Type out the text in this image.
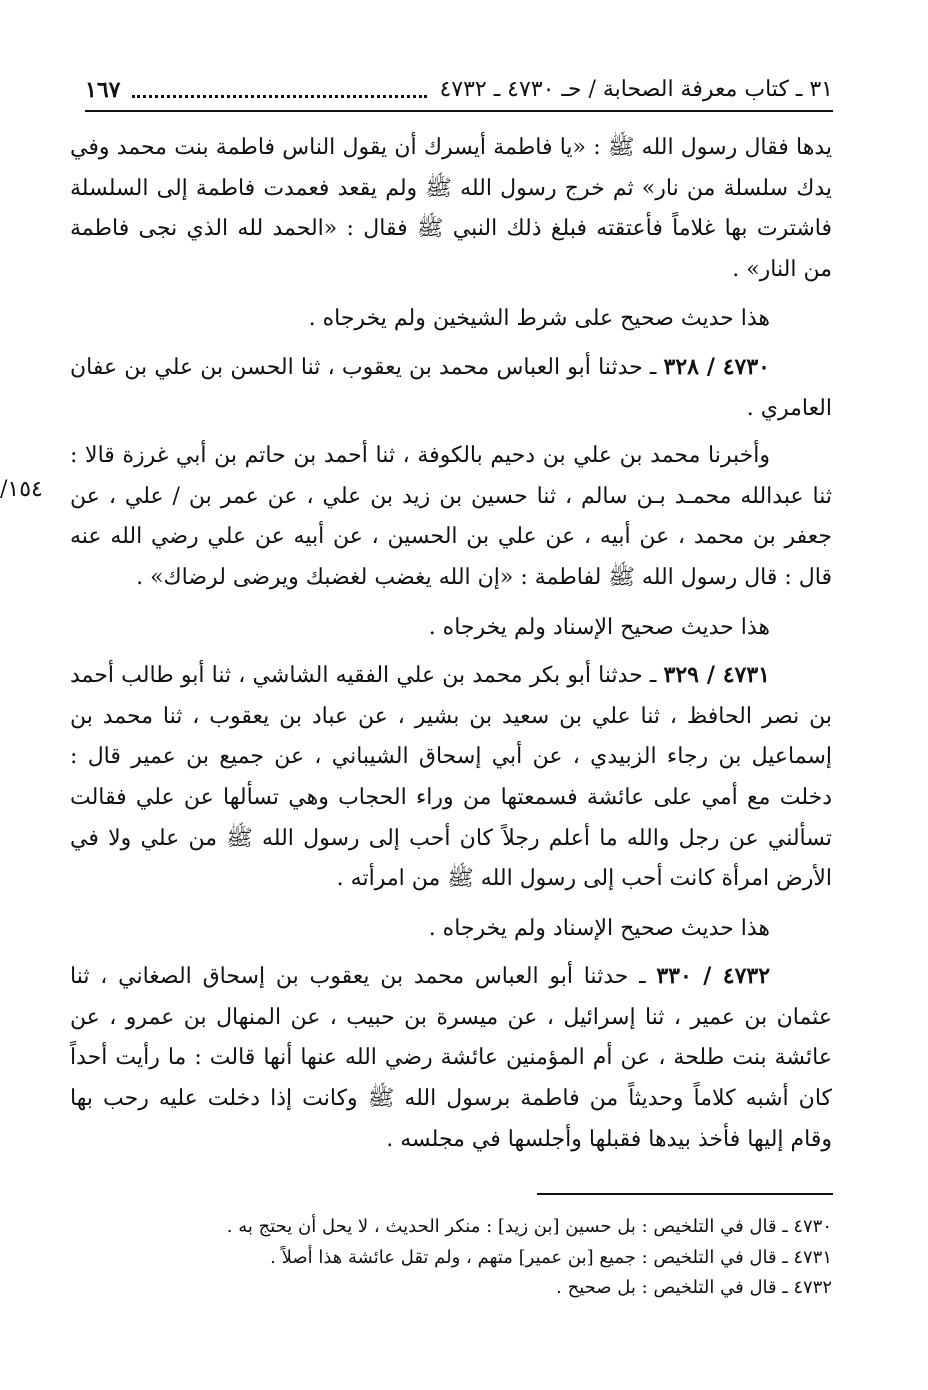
٣١ ـ كتاب معرفة الصحابة / حـ ٤٧٣٠ ـ ٤٧٣٢
١٦٧
١٥٤/

يدها فقال رسول الله ﷺ : «يا فاطمة أيسرك أن يقول الناس فاطمة بنت محمد وفي يدك سلسلة من نار» ثم خرج رسول الله ﷺ ولم يقعد فعمدت فاطمة إلى السلسلة فاشترت بها غلاماً فأعتقته فبلغ ذلك النبي ﷺ فقال : «الحمد لله الذي نجى فاطمة من النار» .

هذا حديث صحيح على شرط الشيخين ولم يخرجاه .

٤٧٣٠ / ٣٢٨ ـ حدثنا أبو العباس محمد بن يعقوب ، ثنا الحسن بن علي بن عفان العامري .

وأخبرنا محمد بن علي بن دحيم بالكوفة ، ثنا أحمد بن حاتم بن أبي غرزة قالا : ثنا عبدالله محمـد بـن سالم ، ثنا حسين بن زيد بن علي ، عن عمر بن / علي ، عن جعفر بن محمد ، عن أبيه ، عن علي بن الحسين ، عن أبيه عن علي رضي الله عنه قال : قال رسول الله ﷺ لفاطمة : «إن الله يغضب لغضبك ويرضى لرضاك» .

هذا حديث صحيح الإسناد ولم يخرجاه .

٤٧٣١ / ٣٢٩ ـ حدثنا أبو بكر محمد بن علي الفقيه الشاشي ، ثنا أبو طالب أحمد بن نصر الحافظ ، ثنا علي بن سعيد بن بشير ، عن عباد بن يعقوب ، ثنا محمد بن إسماعيل بن رجاء الزبيدي ، عن أبي إسحاق الشيباني ، عن جميع بن عمير قال : دخلت مع أمي على عائشة فسمعتها من وراء الحجاب وهي تسألها عن علي فقالت تسألني عن رجل والله ما أعلم رجلاً كان أحب إلى رسول الله ﷺ من علي ولا في الأرض امرأة كانت أحب إلى رسول الله ﷺ من امرأته .

هذا حديث صحيح الإسناد ولم يخرجاه .

٤٧٣٢ / ٣٣٠ ـ حدثنا أبو العباس محمد بن يعقوب بن إسحاق الصغاني ، ثنا عثمان بن عمير ، ثنا إسرائيل ، عن ميسرة بن حبيب ، عن المنهال بن عمرو ، عن عائشة بنت طلحة ، عن أم المؤمنين عائشة رضي الله عنها أنها قالت : ما رأيت أحداً كان أشبه كلاماً وحديثاً من فاطمة برسول الله ﷺ وكانت إذا دخلت عليه رحب بها وقام إليها فأخذ بيدها فقبلها وأجلسها في مجلسه .

٤٧٣٠ ـ قال في التلخيص : بل حسين [بن زيد] : منكر الحديث ، لا يحل أن يحتج به .

٤٧٣١ ـ قال في التلخيص : جميع [بن عمير] متهم ، ولم تقل عائشة هذا أصلاً .

٤٧٣٢ ـ قال في التلخيص : بل صحيح .
